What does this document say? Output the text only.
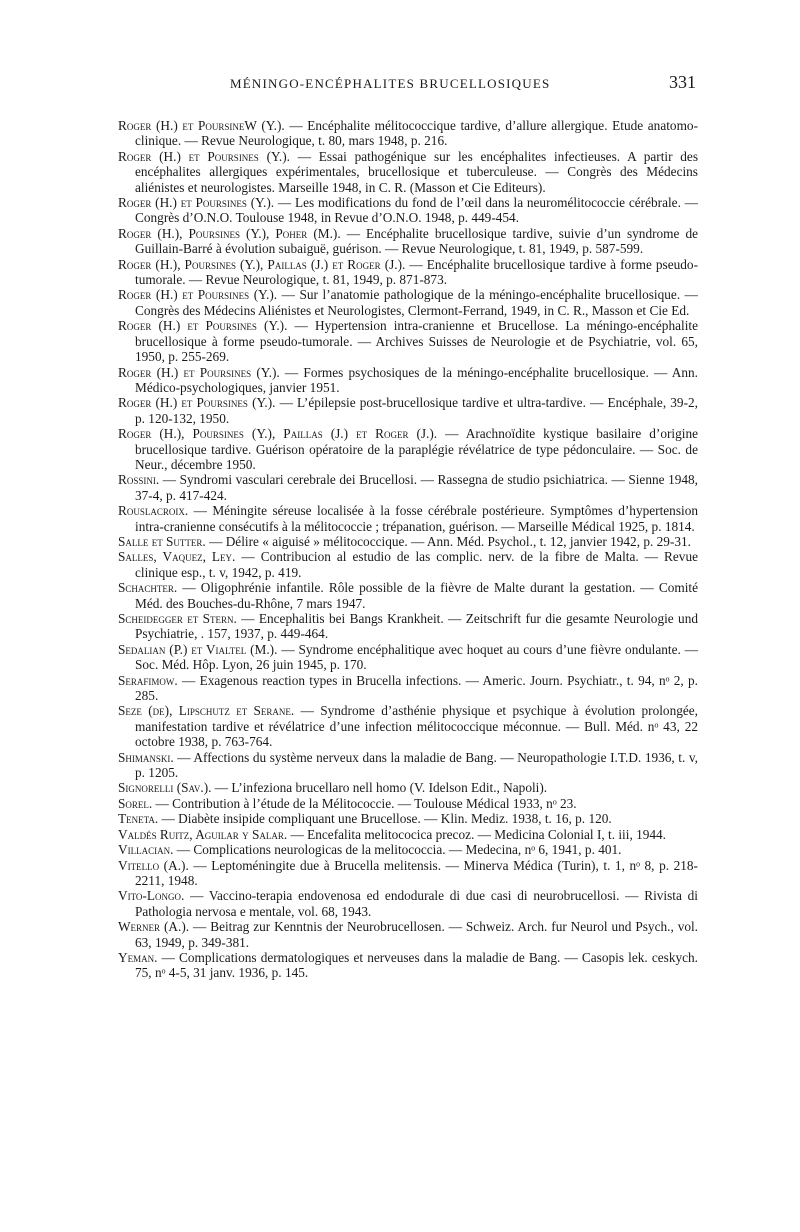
MÉNINGO-ENCÉPHALITES BRUCELLOSIQUES	331

Roger (H.) et PoursineW (Y.). — Encéphalite mélitococcique tardive, d’allure allergique. Etude anatomo-clinique. — Revue Neurologique, t. 80, mars 1948, p. 216.

Roger (H.) et Poursines (Y.). — Essai pathogénique sur les encéphalites infectieuses. A partir des encéphalites allergiques expérimentales, brucellosique et tuberculeuse. — Congrès des Médecins aliénistes et neurologistes. Marseille 1948, in C. R. (Masson et Cie Editeurs).

Roger (H.) et Poursines (Y.). — Les modifications du fond de l’œil dans la neuromélitococcie cérébrale. — Congrès d’O.N.O. Toulouse 1948, in Revue d’O.N.O. 1948, p. 449-454.

Roger (H.), Poursines (Y.), Poher (M.). — Encéphalite brucellosique tardive, suivie d’un syndrome de Guillain-Barré à évolution subaiguë, guérison. — Revue Neurologique, t. 81, 1949, p. 587-599.

Roger (H.), Poursines (Y.), Paillas (J.) et Roger (J.). — Encéphalite brucellosique tardive à forme pseudo-tumorale. — Revue Neurologique, t. 81, 1949, p. 871-873.

Roger (H.) et Poursines (Y.). — Sur l’anatomie pathologique de la méningo-encéphalite brucellosique. — Congrès des Médecins Aliénistes et Neurologistes, Clermont-Ferrand, 1949, in C. R., Masson et Cie Ed.

Roger (H.) et Poursines (Y.). — Hypertension intra-cranienne et Brucellose. La méningo-encéphalite brucellosique à forme pseudo-tumorale. — Archives Suisses de Neurologie et de Psychiatrie, vol. 65, 1950, p. 255-269.

Roger (H.) et Poursines (Y.). — Formes psychosiques de la méningo-encéphalite brucellosique. — Ann. Médico-psychologiques, janvier 1951.

Roger (H.) et Poursines (Y.). — L’épilepsie post-brucellosique tardive et ultra-tardive. — Encéphale, 39-2, p. 120-132, 1950.

Roger (H.), Poursines (Y.), Paillas (J.) et Roger (J.). — Arachnoïdite kystique basilaire d’origine brucellosique tardive. Guérison opératoire de la paraplégie révélatrice de type pédonculaire. — Soc. de Neur., décembre 1950.

Rossini. — Syndromi vasculari cerebrale dei Brucellosi. — Rassegna de studio psichiatrica. — Sienne 1948, 37-4, p. 417-424.

Rouslacroix. — Méningite séreuse localisée à la fosse cérébrale postérieure. Symptômes d’hypertension intra-cranienne consécutifs à la mélitococcie ; trépanation, guérison. — Marseille Médical 1925, p. 1814.

Salle et Sutter. — Délire « aiguisé » mélitococcique. — Ann. Méd. Psychol., t. 12, janvier 1942, p. 29-31.

Salles, Vaquez, Ley. — Contribucion al estudio de las complic. nerv. de la fibre de Malta. — Revue clinique esp., t. v, 1942, p. 419.

Schachter. — Oligophrénie infantile. Rôle possible de la fièvre de Malte durant la gestation. — Comité Méd. des Bouches-du-Rhône, 7 mars 1947.

Scheidegger et Stern. — Encephalitis bei Bangs Krankheit. — Zeitschrift fur die gesamte Neurologie und Psychiatrie, . 157, 1937, p. 449-464.

Sedalian (P.) et Vialtel (M.). — Syndrome encéphalitique avec hoquet au cours d’une fièvre ondulante. — Soc. Méd. Hôp. Lyon, 26 juin 1945, p. 170.

Serafimow. — Exagenous reaction types in Brucella infections. — Americ. Journ. Psychiatr., t. 94, nᵒ 2, p. 285.

Seze (de), Lipschutz et Serane. — Syndrome d’asthénie physique et psychique à évolution prolongée, manifestation tardive et révélatrice d’une infection mélitococcique méconnue. — Bull. Méd. nᵒ 43, 22 octobre 1938, p. 763-764.

Shimanski. — Affections du système nerveux dans la maladie de Bang. — Neuropathologie I.T.D. 1936, t. v, p. 1205.

Signorelli (Sav.). — L’infeziona brucellaro nell homo (V. Idelson Edit., Napoli).

Sorel. — Contribution à l’étude de la Mélitococcie. — Toulouse Médical 1933, nᵒ 23.

Teneta. — Diabète insipide compliquant une Brucellose. — Klin. Mediz. 1938, t. 16, p. 120.

Valdés Ruitz, Aguilar y Salar. — Encefalita melitococica precoz. — Medicina Colonial I, t. iii, 1944.

Villacian. — Complications neurologicas de la melitococcia. — Medecina, nᵒ 6, 1941, p. 401.

Vitello (A.). — Leptoméningite due à Brucella melitensis. — Minerva Médica (Turin), t. 1, nᵒ 8, p. 218-2211, 1948.

Vito-Longo. — Vaccino-terapia endovenosa ed endodurale di due casi di neurobrucellosi. — Rivista di Pathologia nervosa e mentale, vol. 68, 1943.

Werner (A.). — Beitrag zur Kenntnis der Neurobrucellosen. — Schweiz. Arch. fur Neurol und Psych., vol. 63, 1949, p. 349-381.

Yeman. — Complications dermatologiques et nerveuses dans la maladie de Bang. — Casopis lek. ceskych. 75, nᵒ 4-5, 31 janv. 1936, p. 145.
